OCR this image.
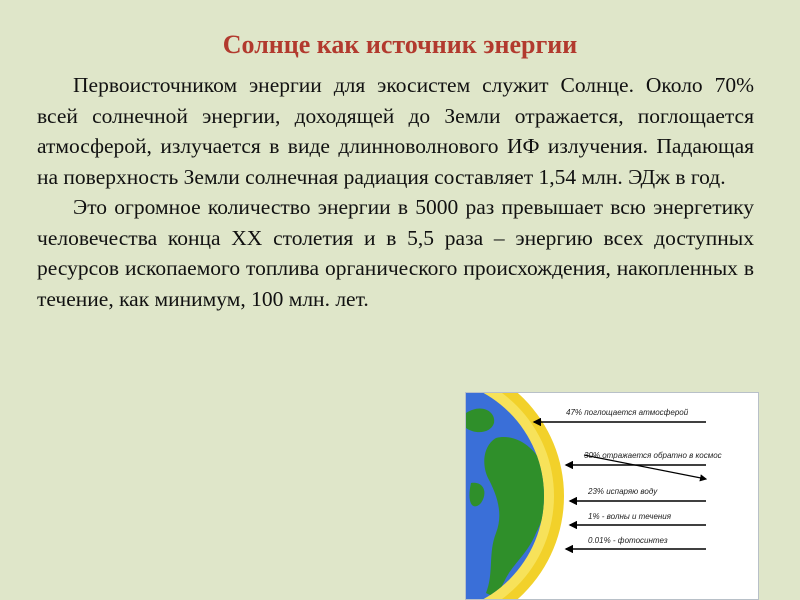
Солнце как источник энергии

Первоисточником энергии для экосистем служит Солнце. Около 70% всей солнечной энергии, доходящей до Земли отражается, поглощается атмосферой, излучается в виде длинноволнового ИФ излучения. Падающая на поверхность Земли солнечная радиация составляет 1,54 млн. ЭДж в год.

Это огромное количество энергии в 5000 раз превышает всю энергетику человечества конца XX столетия и в 5,5 раза – энергию всех доступных ресурсов ископаемого топлива органического происхождения, накопленных в течение, как минимум, 100 млн. лет.

47% поглощается атмосферой
30% отражается обратно в космос
23% испаряю воду
1% - волны и течения
0.01% - фотосинтез
